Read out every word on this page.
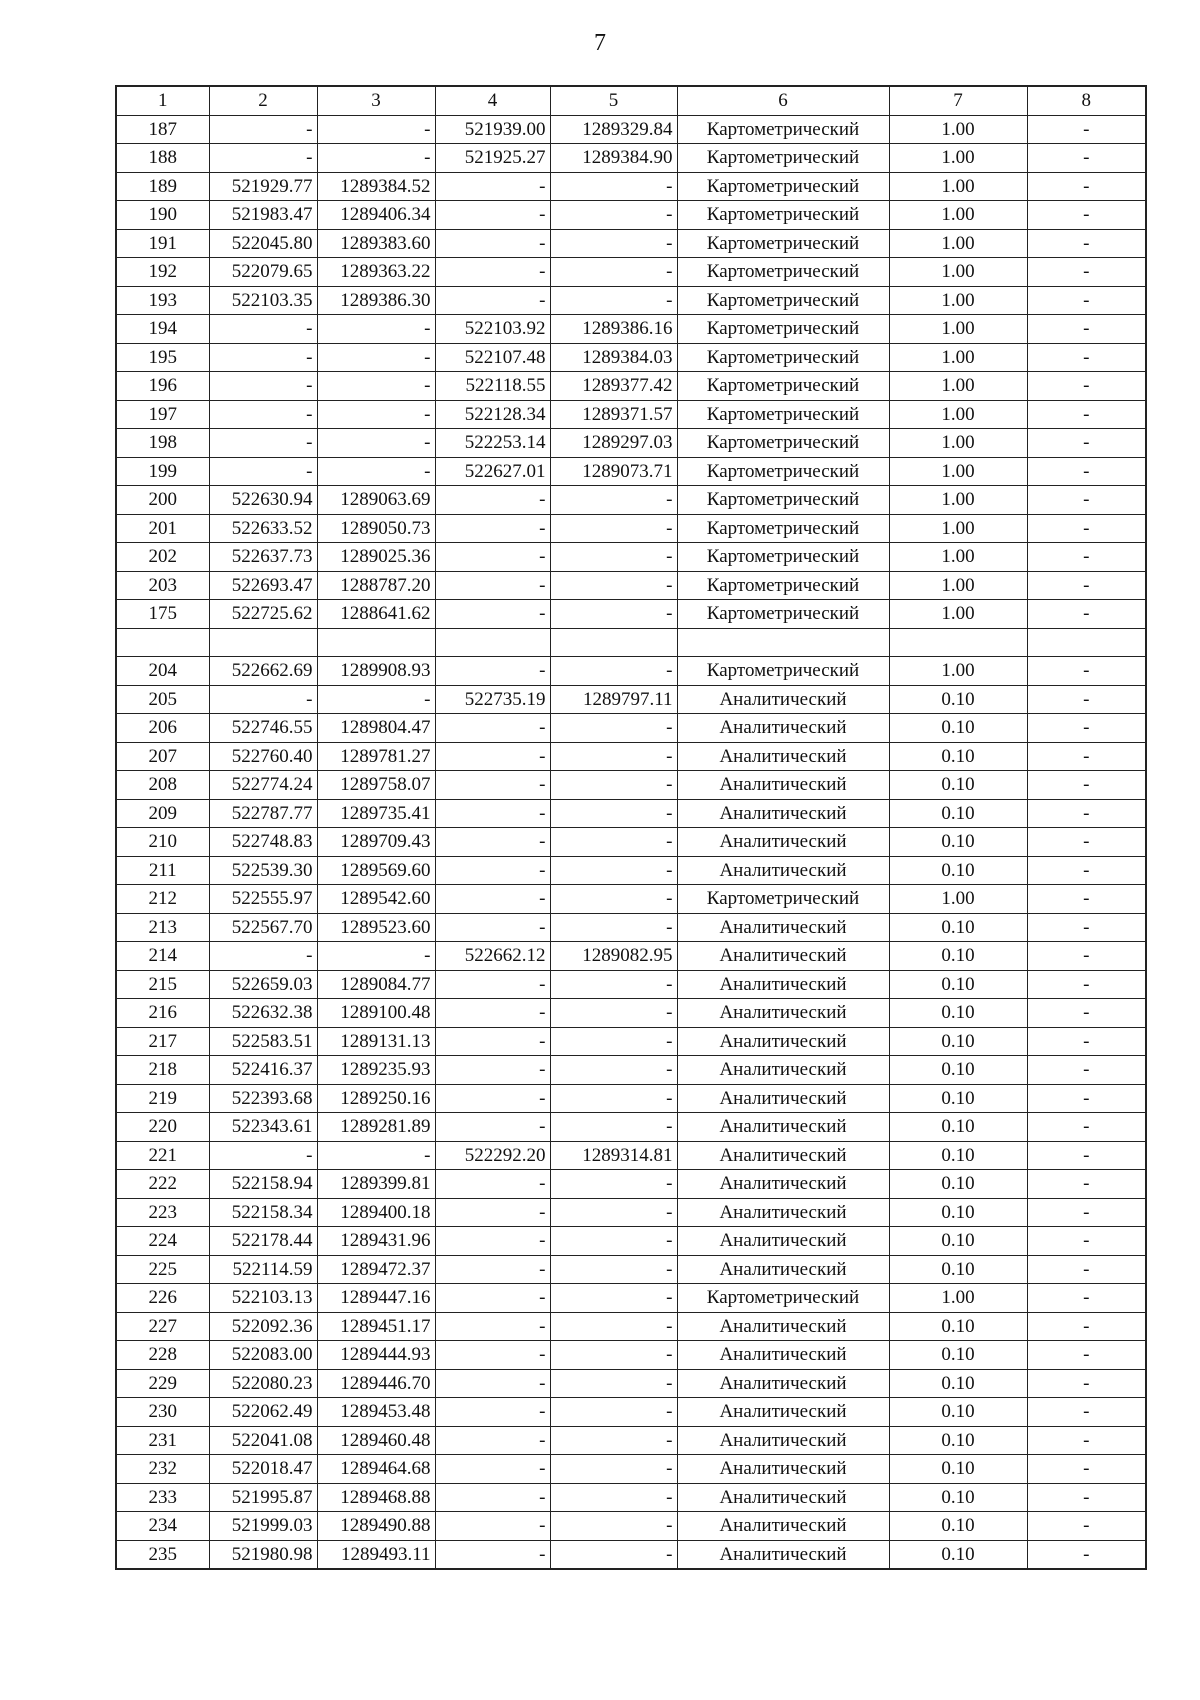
7
1	2	3	4	5	6	7	8
187	-	-	521939.00	1289329.84	Картометрический	1.00	-
188	-	-	521925.27	1289384.90	Картометрический	1.00	-
189	521929.77	1289384.52	-	-	Картометрический	1.00	-
190	521983.47	1289406.34	-	-	Картометрический	1.00	-
191	522045.80	1289383.60	-	-	Картометрический	1.00	-
192	522079.65	1289363.22	-	-	Картометрический	1.00	-
193	522103.35	1289386.30	-	-	Картометрический	1.00	-
194	-	-	522103.92	1289386.16	Картометрический	1.00	-
195	-	-	522107.48	1289384.03	Картометрический	1.00	-
196	-	-	522118.55	1289377.42	Картометрический	1.00	-
197	-	-	522128.34	1289371.57	Картометрический	1.00	-
198	-	-	522253.14	1289297.03	Картометрический	1.00	-
199	-	-	522627.01	1289073.71	Картометрический	1.00	-
200	522630.94	1289063.69	-	-	Картометрический	1.00	-
201	522633.52	1289050.73	-	-	Картометрический	1.00	-
202	522637.73	1289025.36	-	-	Картометрический	1.00	-
203	522693.47	1288787.20	-	-	Картометрический	1.00	-
175	522725.62	1288641.62	-	-	Картометрический	1.00	-

204	522662.69	1289908.93	-	-	Картометрический	1.00	-
205	-	-	522735.19	1289797.11	Аналитический	0.10	-
206	522746.55	1289804.47	-	-	Аналитический	0.10	-
207	522760.40	1289781.27	-	-	Аналитический	0.10	-
208	522774.24	1289758.07	-	-	Аналитический	0.10	-
209	522787.77	1289735.41	-	-	Аналитический	0.10	-
210	522748.83	1289709.43	-	-	Аналитический	0.10	-
211	522539.30	1289569.60	-	-	Аналитический	0.10	-
212	522555.97	1289542.60	-	-	Картометрический	1.00	-
213	522567.70	1289523.60	-	-	Аналитический	0.10	-
214	-	-	522662.12	1289082.95	Аналитический	0.10	-
215	522659.03	1289084.77	-	-	Аналитический	0.10	-
216	522632.38	1289100.48	-	-	Аналитический	0.10	-
217	522583.51	1289131.13	-	-	Аналитический	0.10	-
218	522416.37	1289235.93	-	-	Аналитический	0.10	-
219	522393.68	1289250.16	-	-	Аналитический	0.10	-
220	522343.61	1289281.89	-	-	Аналитический	0.10	-
221	-	-	522292.20	1289314.81	Аналитический	0.10	-
222	522158.94	1289399.81	-	-	Аналитический	0.10	-
223	522158.34	1289400.18	-	-	Аналитический	0.10	-
224	522178.44	1289431.96	-	-	Аналитический	0.10	-
225	522114.59	1289472.37	-	-	Аналитический	0.10	-
226	522103.13	1289447.16	-	-	Картометрический	1.00	-
227	522092.36	1289451.17	-	-	Аналитический	0.10	-
228	522083.00	1289444.93	-	-	Аналитический	0.10	-
229	522080.23	1289446.70	-	-	Аналитический	0.10	-
230	522062.49	1289453.48	-	-	Аналитический	0.10	-
231	522041.08	1289460.48	-	-	Аналитический	0.10	-
232	522018.47	1289464.68	-	-	Аналитический	0.10	-
233	521995.87	1289468.88	-	-	Аналитический	0.10	-
234	521999.03	1289490.88	-	-	Аналитический	0.10	-
235	521980.98	1289493.11	-	-	Аналитический	0.10	-
